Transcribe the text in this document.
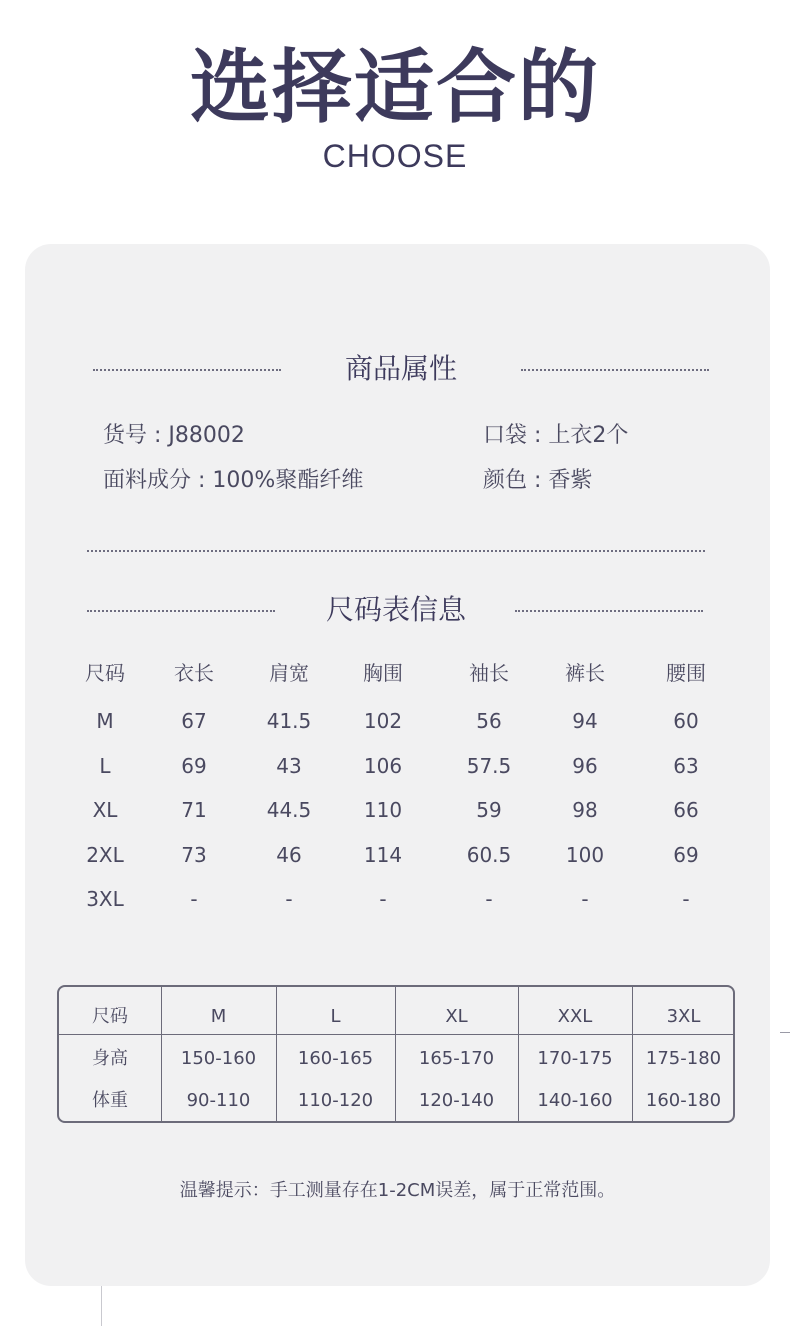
选择适合的
CHOOSE
商品属性
货号 : J88002	口袋 : 上衣2个
面料成分 : 100%聚酯纤维	颜色 : 香紫
尺码表信息
尺码	衣长	肩宽	胸围	袖长	裤长	腰围
M	67	41.5	102	56	94	60
L	69	43	106	57.5	96	63
XL	71	44.5	110	59	98	66
2XL	73	46	114	60.5	100	69
3XL	-	-	-	-	-	-
尺码	M	L	XL	XXL	3XL
身高	150-160	160-165	165-170	170-175	175-180
体重	90-110	110-120	120-140	140-160	160-180
温馨提示：手工测量存在1-2CM误差，属于正常范围。
